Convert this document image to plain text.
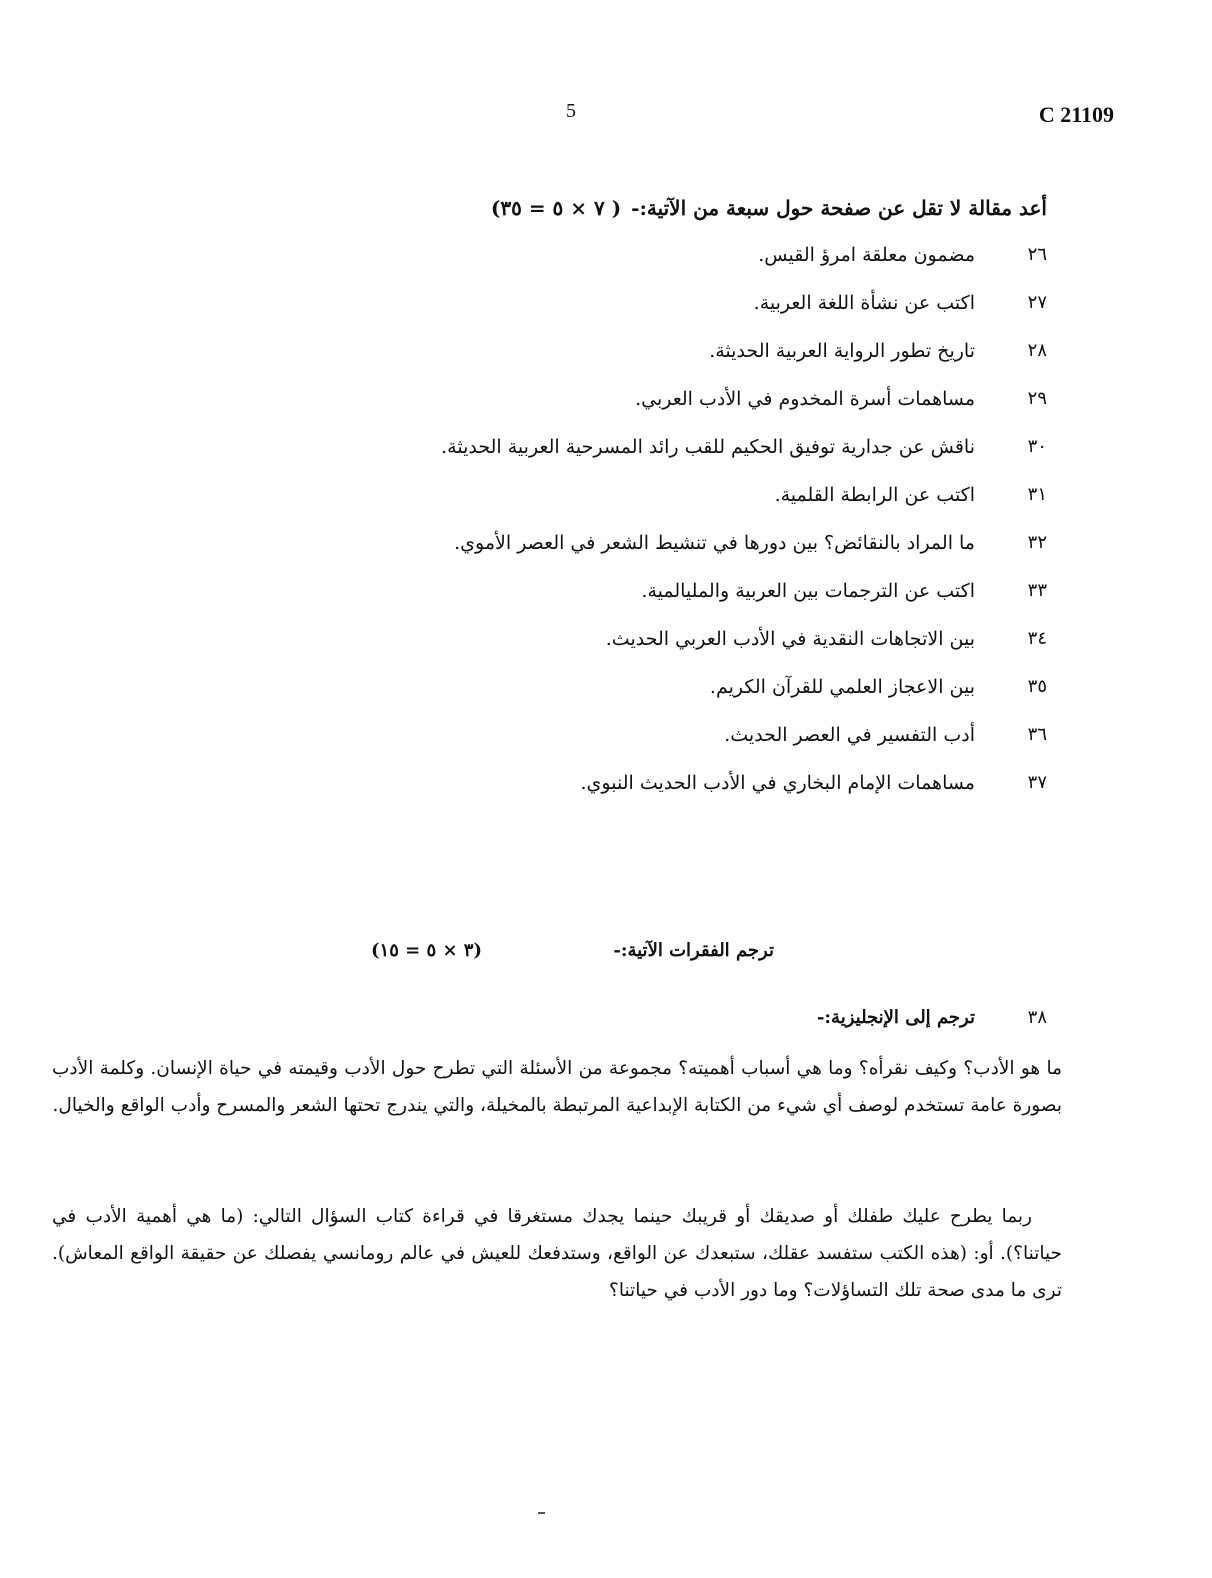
5	C 21109
أعد مقالة لا تقل عن صفحة حول سبعة من الآتية:-( ٧ × ٥ = ٣٥)
٢٦
مضمون معلقة امرؤ القيس.
٢٧
اكتب عن نشأة اللغة العربية.
٢٨
تاريخ تطور الرواية العربية الحديثة.
٢٩
مساهمات أسرة المخدوم في الأدب العربي.
٣٠
ناقش عن جدارية توفيق الحكيم للقب رائد المسرحية العربية الحديثة.
٣١
اكتب عن الرابطة القلمية.
٣٢
ما المراد بالنقائض؟ بين دورها في تنشيط الشعر في العصر الأموي.
٣٣
اكتب عن الترجمات بين العربية والمليالمية.
٣٤
بين الاتجاهات النقدية في الأدب العربي الحديث.
٣٥
بين الاعجاز العلمي للقرآن الكريم.
٣٦
أدب التفسير في العصر الحديث.
٣٧
مساهمات الإمام البخاري في الأدب الحديث النبوي.
ترجم الفقرات الآتية:-
(٣ × ٥ = ١٥)
٣٨
ترجم إلى الإنجليزية:-

ما هو الأدب؟ وكيف نقرأه؟ وما هي أسباب أهميته؟ مجموعة من الأسئلة التي تطرح حول الأدب وقيمته في حياة الإنسان. وكلمة الأدب بصورة عامة تستخدم لوصف أي شيء من الكتابة الإبداعية المرتبطة بالمخيلة، والتي يندرج تحتها الشعر والمسرح وأدب الواقع والخيال.

ربما يطرح عليك طفلك أو صديقك أو قريبك حينما يجدك مستغرقا في قراءة كتاب السؤال التالي: (ما هي أهمية الأدب في حياتنا؟). أو: (هذه الكتب ستفسد عقلك، ستبعدك عن الواقع، وستدفعك للعيش في عالم رومانسي يفصلك عن حقيقة الواقع المعاش). ترى ما مدى صحة تلك التساؤلات؟ وما دور الأدب في حياتنا؟
